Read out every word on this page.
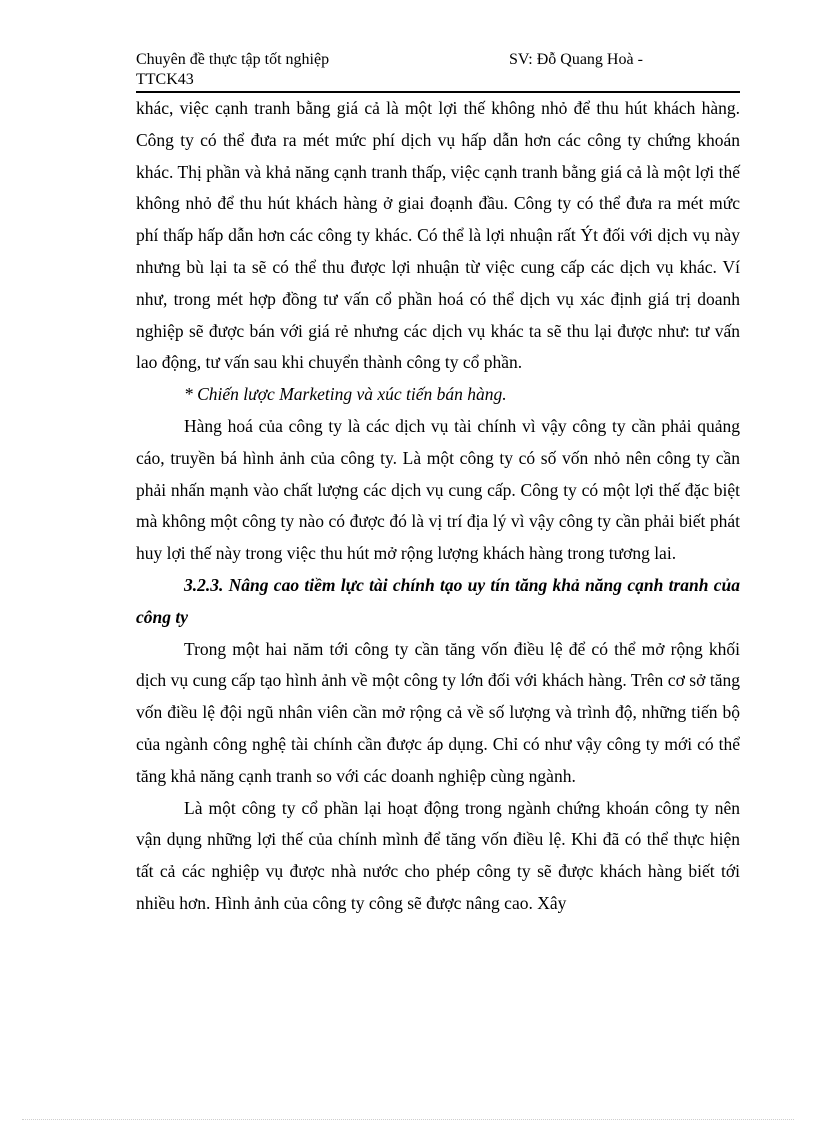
Chuyên đề thực tập tốt nghiệp	SV: Đỗ Quang Hoà -
TTCK43

khác, việc cạnh tranh bằng giá cả là một lợi thế không nhỏ để thu hút khách hàng. Công ty có thể đưa ra mét mức phí dịch vụ hấp dẫn hơn các công ty chứng khoán khác. Thị phần và khả năng cạnh tranh thấp, việc cạnh tranh bằng giá cả là một lợi thế không nhỏ để thu hút khách hàng ở giai đoạnh đầu. Công ty có thể đưa ra mét mức phí thấp hấp dẫn hơn các công ty khác. Có thể là lợi nhuận rất Ýt đối với dịch vụ này nhưng bù lại ta sẽ có thể thu được lợi nhuận từ việc cung cấp các dịch vụ khác. Ví như, trong mét hợp đồng tư vấn cổ phần hoá có thể dịch vụ xác định giá trị doanh nghiệp sẽ được bán với giá rẻ nhưng các dịch vụ khác ta sẽ thu lại được như: tư vấn lao động, tư vấn sau khi chuyển thành công ty cổ phần.

* Chiến lược Marketing và xúc tiến bán hàng.

Hàng hoá của công ty là các dịch vụ tài chính vì vậy công ty cần phải quảng cáo, truyền bá hình ảnh của công ty. Là một công ty có số vốn nhỏ nên công ty cần phải nhấn mạnh vào chất lượng các dịch vụ cung cấp. Công ty có một lợi thế đặc biệt mà không một công ty nào có được đó là vị trí địa lý vì vậy công ty cần phải biết phát huy lợi thế này trong việc thu hút mở rộng lượng khách hàng trong tương lai.

3.2.3. Nâng cao tiềm lực tài chính tạo uy tín tăng khả năng cạnh tranh của công ty

Trong một hai năm tới công ty cần tăng vốn điều lệ để có thể mở rộng khối dịch vụ cung cấp tạo hình ảnh về một công ty lớn đối với khách hàng. Trên cơ sở tăng vốn điều lệ đội ngũ nhân viên cần mở rộng cả về số lượng và trình độ, những tiến bộ của ngành công nghệ tài chính cần được áp dụng. Chỉ có như vậy công ty mới có thể tăng khả năng cạnh tranh so với các doanh nghiệp cùng ngành.

Là một công ty cổ phần lại hoạt động trong ngành chứng khoán công ty nên vận dụng những lợi thế của chính mình để tăng vốn điều lệ. Khi đã có thể thực hiện tất cả các nghiệp vụ được nhà nước cho phép công ty sẽ được khách hàng biết tới nhiều hơn. Hình ảnh của công ty công sẽ được nâng cao. Xây
